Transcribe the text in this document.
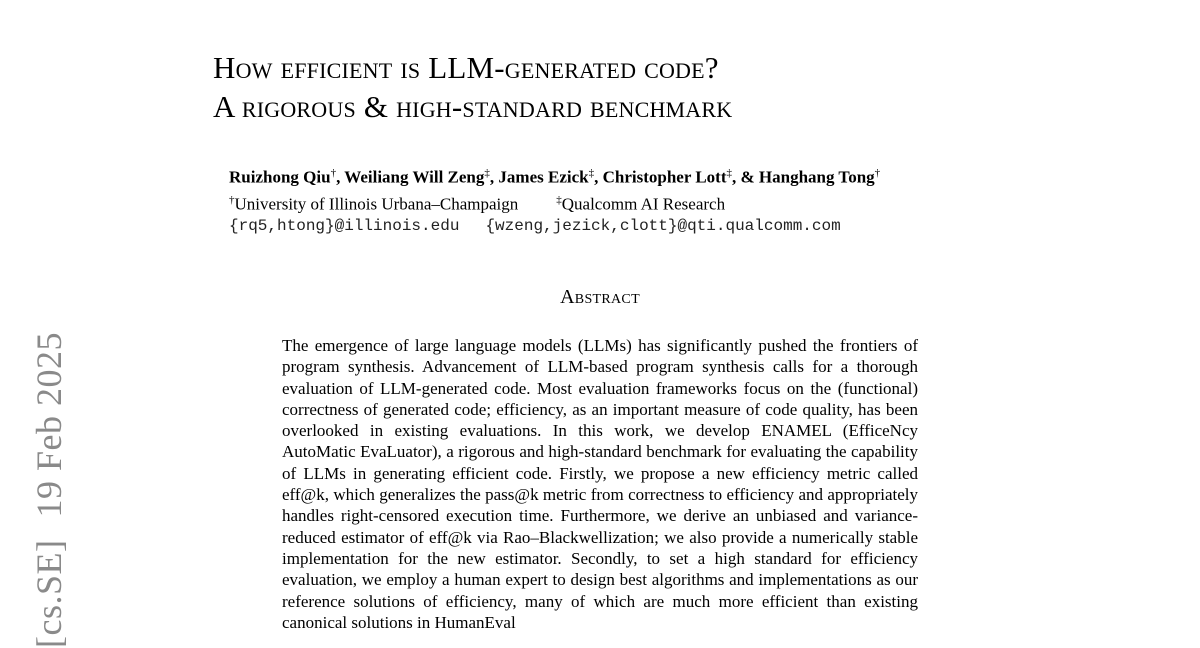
[cs.SE]19 Feb 2025
How efficient is LLM-generated code?
A rigorous & high-standard benchmark
Ruizhong Qiu†, Weiliang Will Zeng‡, James Ezick‡, Christopher Lott‡, & Hanghang Tong†
†University of Illinois Urbana–Champaign	‡Qualcomm AI Research
{rq5,htong}@illinois.edu {wzeng,jezick,clott}@qti.qualcomm.com
Abstract

The emergence of large language models (LLMs) has significantly pushed the frontiers of program synthesis. Advancement of LLM-based program synthesis calls for a thorough evaluation of LLM-generated code. Most evaluation frameworks focus on the (functional) correctness of generated code; efficiency, as an important measure of code quality, has been overlooked in existing evaluations. In this work, we develop ENAMEL (EfficeNcy AutoMatic EvaLuator), a rigorous and high-standard benchmark for evaluating the capability of LLMs in generating efficient code. Firstly, we propose a new efficiency metric called eff@k, which generalizes the pass@k metric from correctness to efficiency and appropriately handles right-censored execution time. Furthermore, we derive an unbiased and variance-reduced estimator of eff@k via Rao–Blackwellization; we also provide a numerically stable implementation for the new estimator. Secondly, to set a high standard for efficiency evaluation, we employ a human expert to design best algorithms and implementations as our reference solutions of efficiency, many of which are much more efficient than existing canonical solutions in HumanEval
